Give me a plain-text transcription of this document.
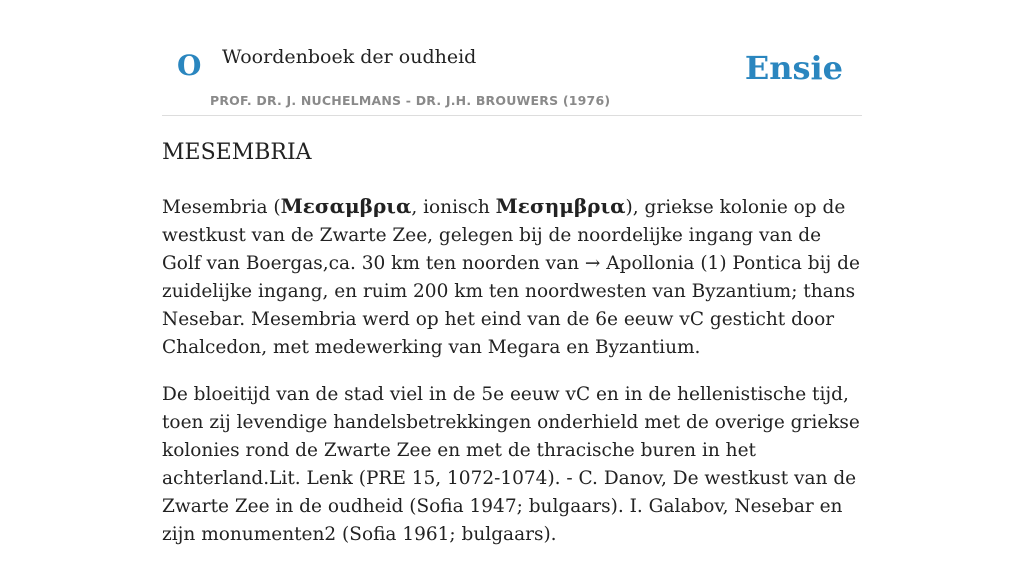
O Woordenboek der oudheid	Ensie
PROF. DR. J. NUCHELMANS - DR. J.H. BROUWERS (1976)
MESEMBRIA

Mesembria (Μεσαμβρια, ionisch Μεσημβρια), griekse kolonie op de westkust van de Zwarte Zee, gelegen bij de noordelijke ingang van de Golf van Boergas,ca. 30 km ten noorden van → Apollonia (1) Pontica bij de zuidelijke ingang, en ruim 200 km ten noordwesten van Byzantium; thans Nesebar. Mesembria werd op het eind van de 6e eeuw vC gesticht door Chalcedon, met medewerking van Megara en Byzantium.

De bloeitijd van de stad viel in de 5e eeuw vC en in de hellenistische tijd, toen zij levendige handelsbetrekkingen onderhield met de overige griekse kolonies rond de Zwarte Zee en met de thracische buren in het achterland.Lit. Lenk (PRE 15, 1072-1074). - C. Danov, De westkust van de Zwarte Zee in de oudheid (Sofia 1947; bulgaars). I. Galabov, Nesebar en zijn monumenten2 (Sofia 1961; bulgaars).
